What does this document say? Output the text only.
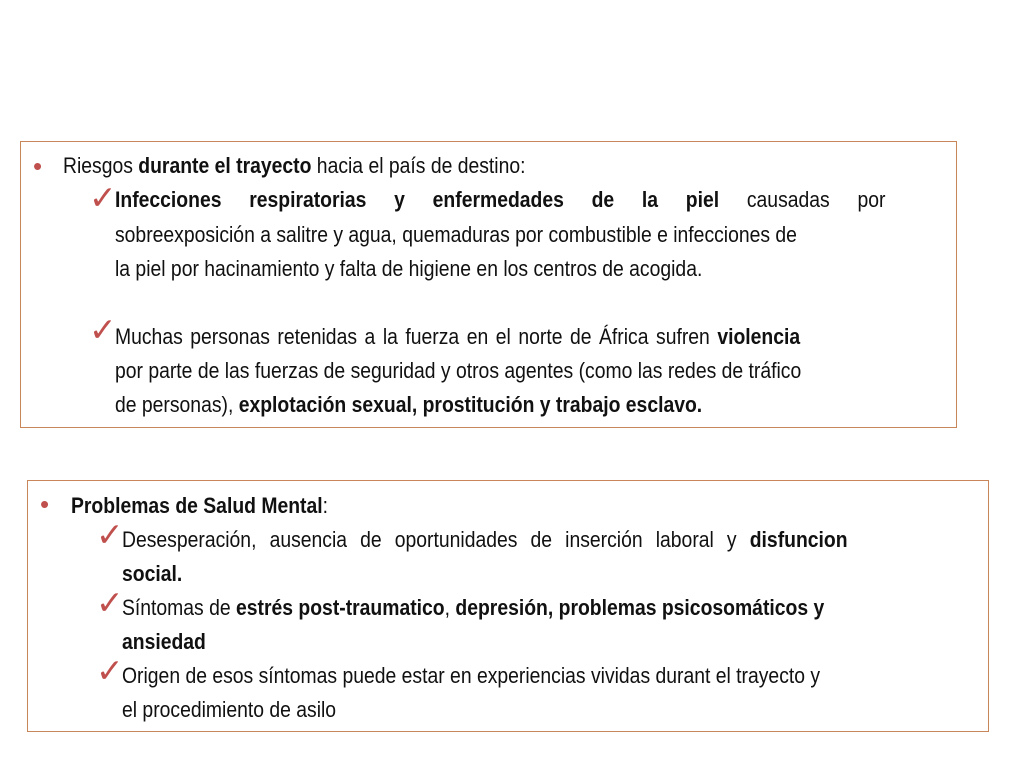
• Riesgos durante el trayecto hacia el país de destino:
✓
Infecciones respiratorias y enfermedades de la piel causadas por
sobreexposición a salitre y agua, quemaduras por combustible e infecciones de
la piel por hacinamiento y falta de higiene en los centros de acogida.
✓
Muchas personas retenidas a la fuerza en el norte de África sufren violencia
por parte de las fuerzas de seguridad y otros agentes (como las redes de tráfico
de personas), explotación sexual, prostitución y trabajo esclavo.
• Problemas de Salud Mental:
✓
Desesperación, ausencia de oportunidades de inserción laboral y disfuncion
social.
✓
Síntomas de estrés post-traumatico, depresión, problemas psicosomáticos y
ansiedad
✓
Origen de esos síntomas puede estar en experiencias vividas durant el trayecto y
el procedimiento de asilo
